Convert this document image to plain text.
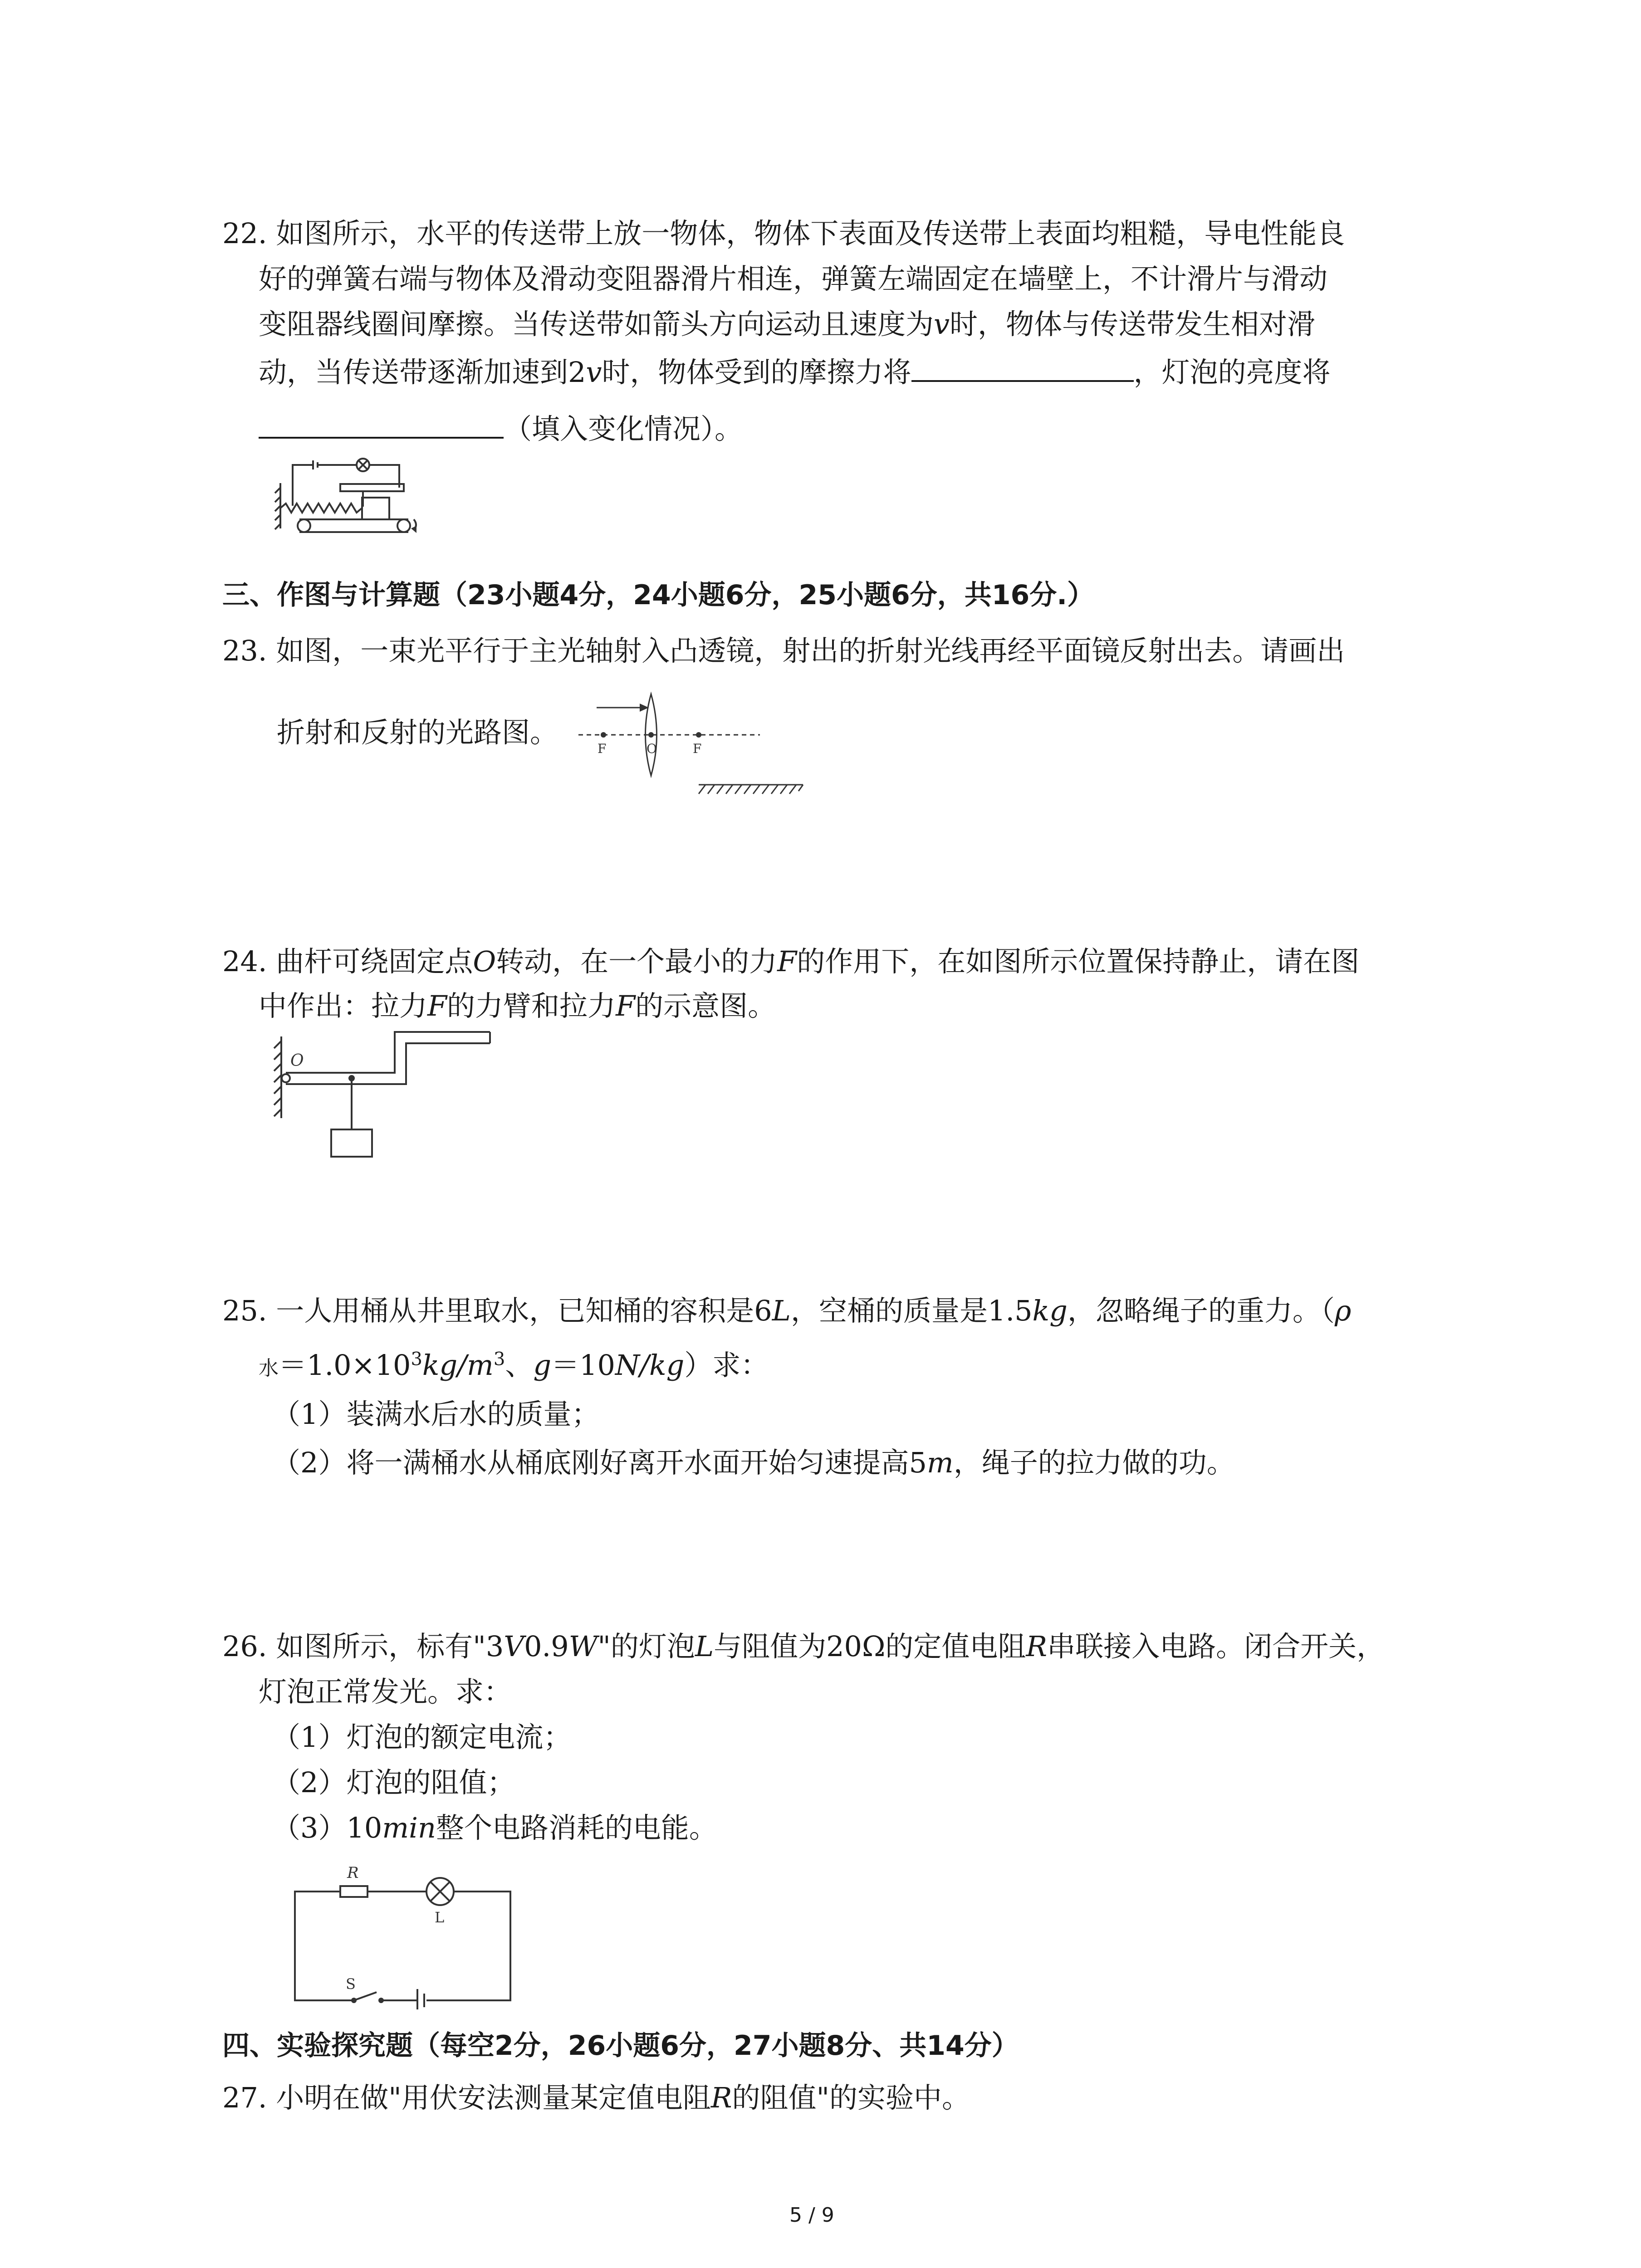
22. 如图所示，水平的传送带上放一物体，物体下表面及传送带上表面均粗糙，导电性能良
好的弹簧右端与物体及滑动变阻器滑片相连，弹簧左端固定在墙壁上，不计滑片与滑动
变阻器线圈间摩擦。当传送带如箭头方向运动且速度为v时，物体与传送带发生相对滑
动，当传送带逐渐加速到2v时，物体受到的摩擦力将	，灯泡的亮度将
（填入变化情况）。
三、作图与计算题（23小题4分，24小题6分，25小题6分，共16分.）
23. 如图，一束光平行于主光轴射入凸透镜，射出的折射光线再经平面镜反射出去。请画出
折射和反射的光路图。	F	O	F
24. 曲杆可绕固定点O转动，在一个最小的力F的作用下，在如图所示位置保持静止，请在图
中作出：拉力F的力臂和拉力F的示意图。
O
25. 一人用桶从井里取水，已知桶的容积是6L，空桶的质量是1.5kg，忽略绳子的重力。（ρ
水$=1.0\times 10^3kg/m^3$、g＝10N/kg）求：
（1）装满水后水的质量；
（2）将一满桶水从桶底刚好离开水面开始匀速提高5m，绳子的拉力做的功。
26. 如图所示，标有"3V0.9W"的灯泡L与阻值为20Ω的定值电阻R串联接入电路。闭合开关，
灯泡正常发光。求：
（1）灯泡的额定电流；
（2）灯泡的阻值；
（3）10min整个电路消耗的电能。
R
L
S
四、实验探究题（每空2分，26小题6分，27小题8分、共14分）
27. 小明在做"用伏安法测量某定值电阻R的阻值"的实验中。
5 / 9
